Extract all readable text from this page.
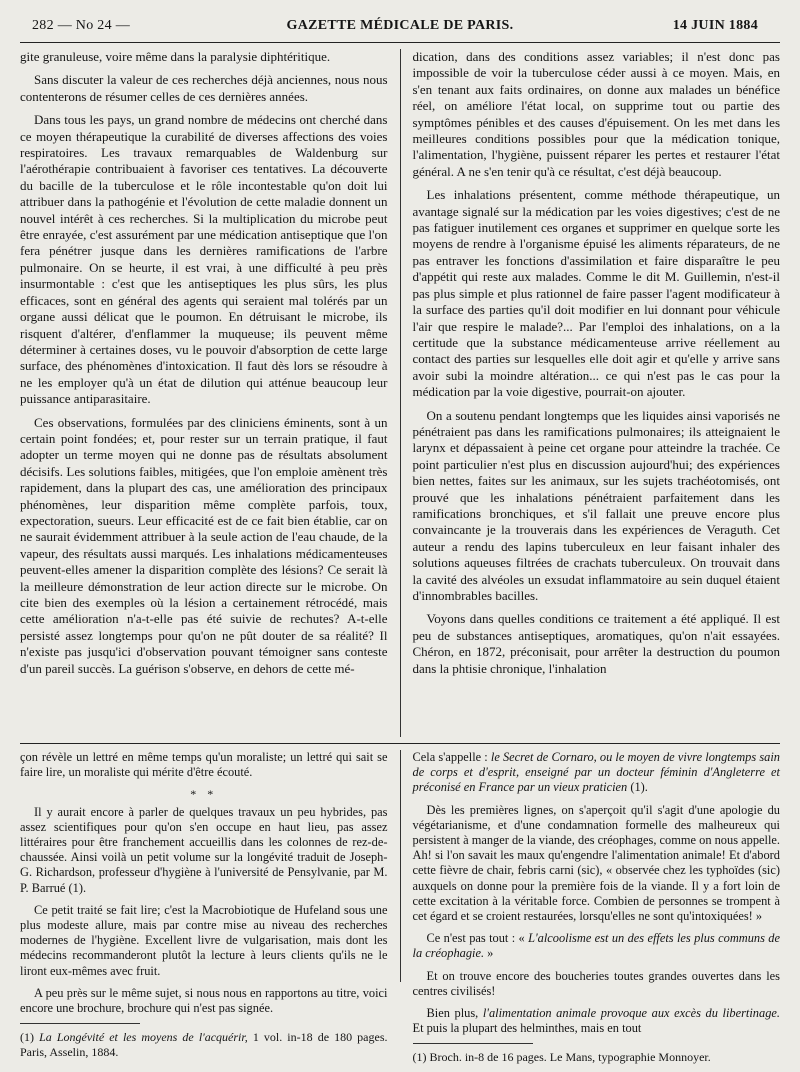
282 — No 24 —	GAZETTE MÉDICALE DE PARIS.	14 JUIN 1884

gite granuleuse, voire même dans la paralysie diphtéritique.

Sans discuter la valeur de ces recherches déjà anciennes, nous nous contenterons de résumer celles de ces dernières années.

Dans tous les pays, un grand nombre de médecins ont cherché dans ce moyen thérapeutique la curabilité de diverses affections des voies respiratoires. Les travaux remarquables de Waldenburg sur l'aérothérapie contribuaient à favoriser ces tentatives. La découverte du bacille de la tuberculose et le rôle incontestable qu'on doit lui attribuer dans la pathogénie et l'évolution de cette maladie donnent un nouvel intérêt à ces recherches. Si la multiplication du microbe peut être enrayée, c'est assurément par une médication antiseptique que l'on fera pénétrer jusque dans les dernières ramifications de l'arbre pulmonaire. On se heurte, il est vrai, à une difficulté à peu près insurmontable : c'est que les antiseptiques les plus sûrs, les plus efficaces, sont en général des agents qui seraient mal tolérés par un organe aussi délicat que le poumon. En détruisant le microbe, ils risquent d'altérer, d'enflammer la muqueuse; ils peuvent même déterminer à certaines doses, vu le pouvoir d'absorption de cette large surface, des phénomènes d'intoxication. Il faut dès lors se résoudre à ne les employer qu'à un état de dilution qui atténue beaucoup leur puissance antiparasitaire.

Ces observations, formulées par des cliniciens éminents, sont à un certain point fondées; et, pour rester sur un terrain pratique, il faut adopter un terme moyen qui ne donne pas de résultats absolument décisifs. Les solutions faibles, mitigées, que l'on emploie amènent très rapidement, dans la plupart des cas, une amélioration des principaux phénomènes, leur disparition même complète parfois, toux, expectoration, sueurs. Leur efficacité est de ce fait bien établie, car on ne saurait évidemment attribuer à la seule action de l'eau chaude, de la vapeur, des résultats aussi marqués. Les inhalations médicamenteuses peuvent-elles amener la disparition complète des lésions? Ce serait là la meilleure démonstration de leur action directe sur le microbe. On cite bien des exemples où la lésion a certainement rétrocédé, mais cette amélioration n'a-t-elle pas été suivie de rechutes? A-t-elle persisté assez longtemps pour qu'on ne pût douter de sa réalité? Il n'existe pas jusqu'ici d'observation pouvant témoigner sans conteste d'un pareil succès. La guérison s'observe, en dehors de cette mé-

dication, dans des conditions assez variables; il n'est donc pas impossible de voir la tuberculose céder aussi à ce moyen. Mais, en s'en tenant aux faits ordinaires, on donne aux malades un bénéfice réel, on améliore l'état local, on supprime tout ou partie des symptômes pénibles et des causes d'épuisement. On les met dans les meilleures conditions possibles pour que la médication tonique, l'alimentation, l'hygiène, puissent réparer les pertes et restaurer l'état général. A ne s'en tenir qu'à ce résultat, c'est déjà beaucoup.

Les inhalations présentent, comme méthode thérapeutique, un avantage signalé sur la médication par les voies digestives; c'est de ne pas fatiguer inutilement ces organes et supprimer en quelque sorte les moyens de rendre à l'organisme épuisé les aliments réparateurs, de ne pas entraver les fonctions d'assimilation et faire disparaître le peu d'appétit qui reste aux malades. Comme le dit M. Guillemin, n'est-il pas plus simple et plus rationnel de faire passer l'agent modificateur à la surface des parties qu'il doit modifier en lui donnant pour véhicule l'air que respire le malade?... Par l'emploi des inhalations, on a la certitude que la substance médicamenteuse arrive réellement au contact des parties sur lesquelles elle doit agir et qu'elle y arrive sans avoir subi la moindre altération... ce qui n'est pas le cas pour la médication par la voie digestive, pourrait-on ajouter.

On a soutenu pendant longtemps que les liquides ainsi vaporisés ne pénétraient pas dans les ramifications pulmonaires; ils atteignaient le larynx et dépassaient à peine cet organe pour atteindre la trachée. Ce point particulier n'est plus en discussion aujourd'hui; des expériences bien nettes, faites sur les animaux, sur les sujets trachéotomisés, ont prouvé que les inhalations pénétraient parfaitement dans les ramifications bronchiques, et s'il fallait une preuve encore plus convaincante je la trouverais dans les expériences de Veraguth. Cet auteur a rendu des lapins tuberculeux en leur faisant inhaler des solutions aqueuses filtrées de crachats tuberculeux. On trouvait dans la cavité des alvéoles un exsudat inflammatoire au sein duquel étaient d'innombrables bacilles.

Voyons dans quelles conditions ce traitement a été appliqué. Il est peu de substances antiseptiques, aromatiques, qu'on n'ait essayées. Chéron, en 1872, préconisait, pour arrêter la destruction du poumon dans la phtisie chronique, l'inhalation

çon révèle un lettré en même temps qu'un moraliste; un lettré qui sait se faire lire, un moraliste qui mérite d'être écouté.

* *

Il y aurait encore à parler de quelques travaux un peu hybrides, pas assez scientifiques pour qu'on s'en occupe en haut lieu, pas assez littéraires pour être franchement accueillis dans les colonnes de rez-de-chaussée. Ainsi voilà un petit volume sur la longévité traduit de Joseph-G. Richardson, professeur d'hygiène à l'université de Pensylvanie, par M. P. Barrué (1).

Ce petit traité se fait lire; c'est la Macrobiotique de Hufeland sous une plus modeste allure, mais par contre mise au niveau des recherches modernes de l'hygiène. Excellent livre de vulgarisation, mais dont les médecins recommanderont plutôt la lecture à leurs clients qu'ils ne le liront eux-mêmes avec fruit.

A peu près sur le même sujet, si nous nous en rapportons au titre, voici encore une brochure, brochure qui n'est pas signée.

(1) La Longévité et les moyens de l'acquérir, 1 vol. in-18 de 180 pages. Paris, Asselin, 1884.

Cela s'appelle : le Secret de Cornaro, ou le moyen de vivre longtemps sain de corps et d'esprit, enseigné par un docteur féminin d'Angleterre et préconisé en France par un vieux praticien (1).

Dès les premières lignes, on s'aperçoit qu'il s'agit d'une apologie du végétarianisme, et d'une condamnation formelle des malheureux qui persistent à manger de la viande, des créophages, comme on nous appelle. Ah! si l'on savait les maux qu'engendre l'alimentation animale! Et d'abord cette fièvre de chair, febris carni (sic), « observée chez les typhoïdes (sic) auxquels on donne pour la première fois de la viande. Il y a fort loin de cette excitation à la véritable force. Combien de personnes se trompent à cet égard et se croient restaurées, lorsqu'elles ne sont qu'intoxiquées! »

Ce n'est pas tout : « L'alcoolisme est un des effets les plus communs de la créophagie. »

Et on trouve encore des boucheries toutes grandes ouvertes dans les centres civilisés!

Bien plus, l'alimentation animale provoque aux excès du libertinage. Et puis la plupart des helminthes, mais en tout

(1) Broch. in-8 de 16 pages. Le Mans, typographie Monnoyer.
